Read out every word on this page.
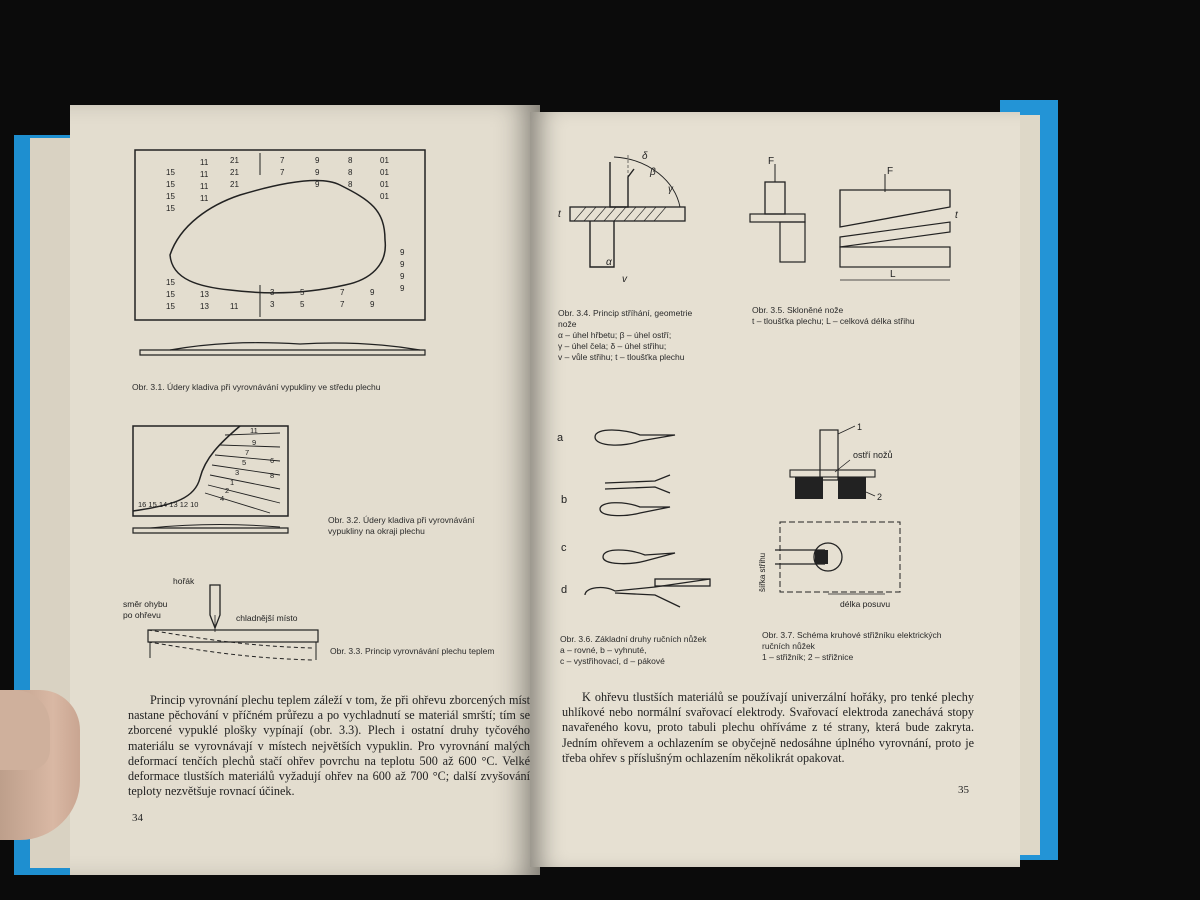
15
15
15
15
11
11
11
11
21
21
21
7
7
9
9
9
8
8
8
01
01
01
01
9
9
9
9
15
15
15
13
13	11
3
3
5
5
7
7
9
9
Obr. 3.1. Údery kladiva při vyrovnávání vypukliny ve středu plechu
11
9
7
5
3
1
2
4
6
8
16 15 14 13 12 10
Obr. 3.2. Údery kladiva při vyrovnávání
vypukliny na okraji plechu
hořák
směr ohybu
po ohřevu	chladnější místo
Obr. 3.3. Princip vyrovnávání plechu teplem

Princip vyrovnání plechu teplem záleží v tom, že při ohřevu zborcených míst nastane pěchování v příčném průřezu a po vychladnutí se materiál smrští; tím se zborcené vypuklé plošky vypínají (obr. 3.3). Plech i ostatní druhy tyčového materiálu se vyrovnávají v místech největších vypuklin. Pro vyrovnání malých deformací tenčích plechů stačí ohřev povrchu na teplotu 500 až 600 °C. Velké deformace tlustších materiálů vyžadují ohřev na 600 až 700 °C; další zvyšování teploty nezvětšuje rovnací účinek.

34
δ
β
γ
α
t
v
Obr. 3.4. Princip stříhání, geometrie
nože
α – úhel hřbetu; β – úhel ostří;
γ – úhel čela; δ – úhel střihu;
v – vůle střihu; t – tloušťka plechu
F
F
L
t
Obr. 3.5. Skloněné nože
t – tloušťka plechu; L – celková délka střihu
a
b
c
d
Obr. 3.6. Základní druhy ručních nůžek
a – rovné, b – vyhnuté,
c – vystřihovací, d – pákové
1
ostří nožů
2
šířka střihu
délka posuvu
Obr. 3.7. Schéma kruhové střižníku elektrických
ručních nůžek
1 – střižník; 2 – střižnice

K ohřevu tlustších materiálů se používají univerzální hořáky, pro tenké plechy uhlíkové nebo normální svařovací elektrody. Svařovací elektroda zanechává stopy navařeného kovu, proto tabuli plechu ohříváme z té strany, která bude zakryta. Jedním ohřevem a ochlazením se obyčejně nedosáhne úplného vyrovnání, proto je třeba ohřev s příslušným ochlazením několikrát opakovat.

35
